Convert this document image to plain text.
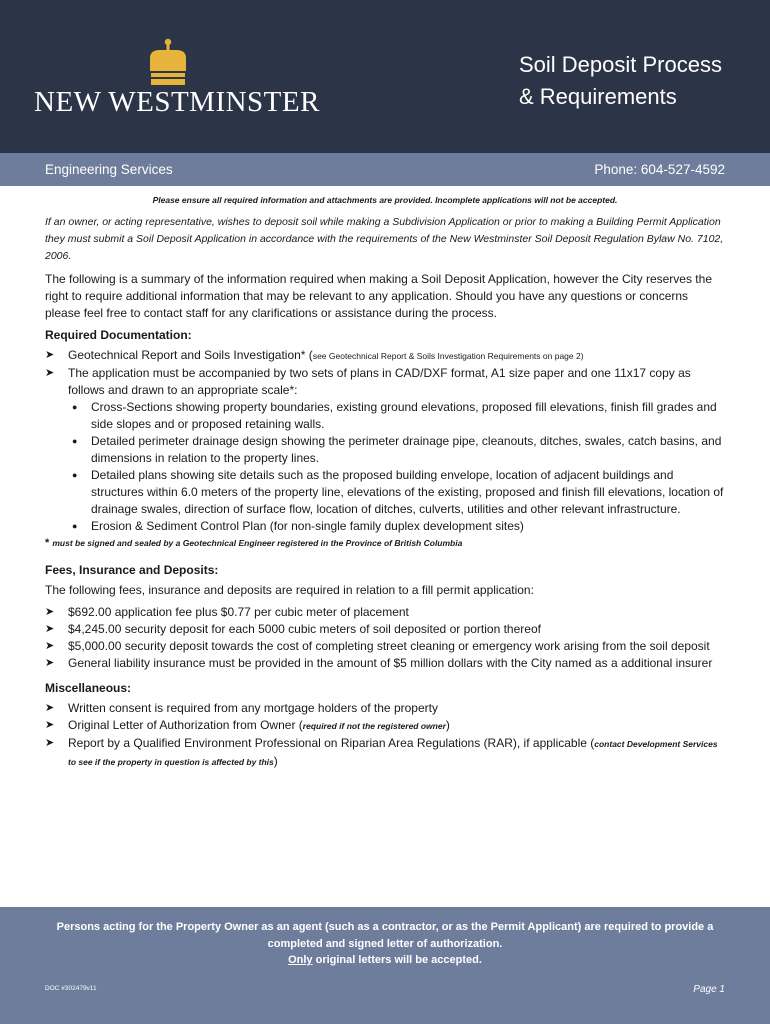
NEW WESTMINSTER
Soil Deposit Process
& Requirements
Engineering Services	Phone: 604-527-4592
Please ensure all required information and attachments are provided. Incomplete applications will not be accepted.

If an owner, or acting representative, wishes to deposit soil while making a Subdivision Application or prior to making a Building Permit Application they must submit a Soil Deposit Application in accordance with the requirements of the New Westminster Soil Deposit Regulation Bylaw No. 7102, 2006.

The following is a summary of the information required when making a Soil Deposit Application, however the City reserves the right to require additional information that may be relevant to any application. Should you have any questions or concerns please feel free to contact staff for any clarifications or assistance during the process.

Required Documentation:

➤ Geotechnical Report and Soils Investigation* (see Geotechnical Report & Soils Investigation Requirements on page 2)
➤ The application must be accompanied by two sets of plans in CAD/DXF format, A1 size paper and one 11x17 copy as follows and drawn to an appropriate scale*:
● Cross-Sections showing property boundaries, existing ground elevations, proposed fill elevations, finish fill grades and side slopes and or proposed retaining walls.
● Detailed perimeter drainage design showing the perimeter drainage pipe, cleanouts, ditches, swales, catch basins, and dimensions in relation to the property lines.
● Detailed plans showing site details such as the proposed building envelope, location of adjacent buildings and structures within 6.0 meters of the property line, elevations of the existing, proposed and finish fill elevations, location of drainage swales, direction of surface flow, location of ditches, culverts, utilities and other relevant infrastructure.
● Erosion & Sediment Control Plan (for non-single family duplex development sites)

* must be signed and sealed by a Geotechnical Engineer registered in the Province of British Columbia

Fees, Insurance and Deposits:

The following fees, insurance and deposits are required in relation to a fill permit application:

➤ $692.00 application fee plus $0.77 per cubic meter of placement
➤ $4,245.00 security deposit for each 5000 cubic meters of soil deposited or portion thereof
➤ $5,000.00 security deposit towards the cost of completing street cleaning or emergency work arising from the soil deposit
➤ General liability insurance must be provided in the amount of $5 million dollars with the City named as a additional insurer

Miscellaneous:

➤ Written consent is required from any mortgage holders of the property
➤ Original Letter of Authorization from Owner (required if not the registered owner)
➤ Report by a Qualified Environment Professional on Riparian Area Regulations (RAR), if applicable (contact Development Services to see if the property in question is affected by this)
Persons acting for the Property Owner as an agent (such as a contractor, or as the Permit Applicant) are required to provide a completed and signed letter of authorization.
Only original letters will be accepted.
DOC #302479v11	Page 1
